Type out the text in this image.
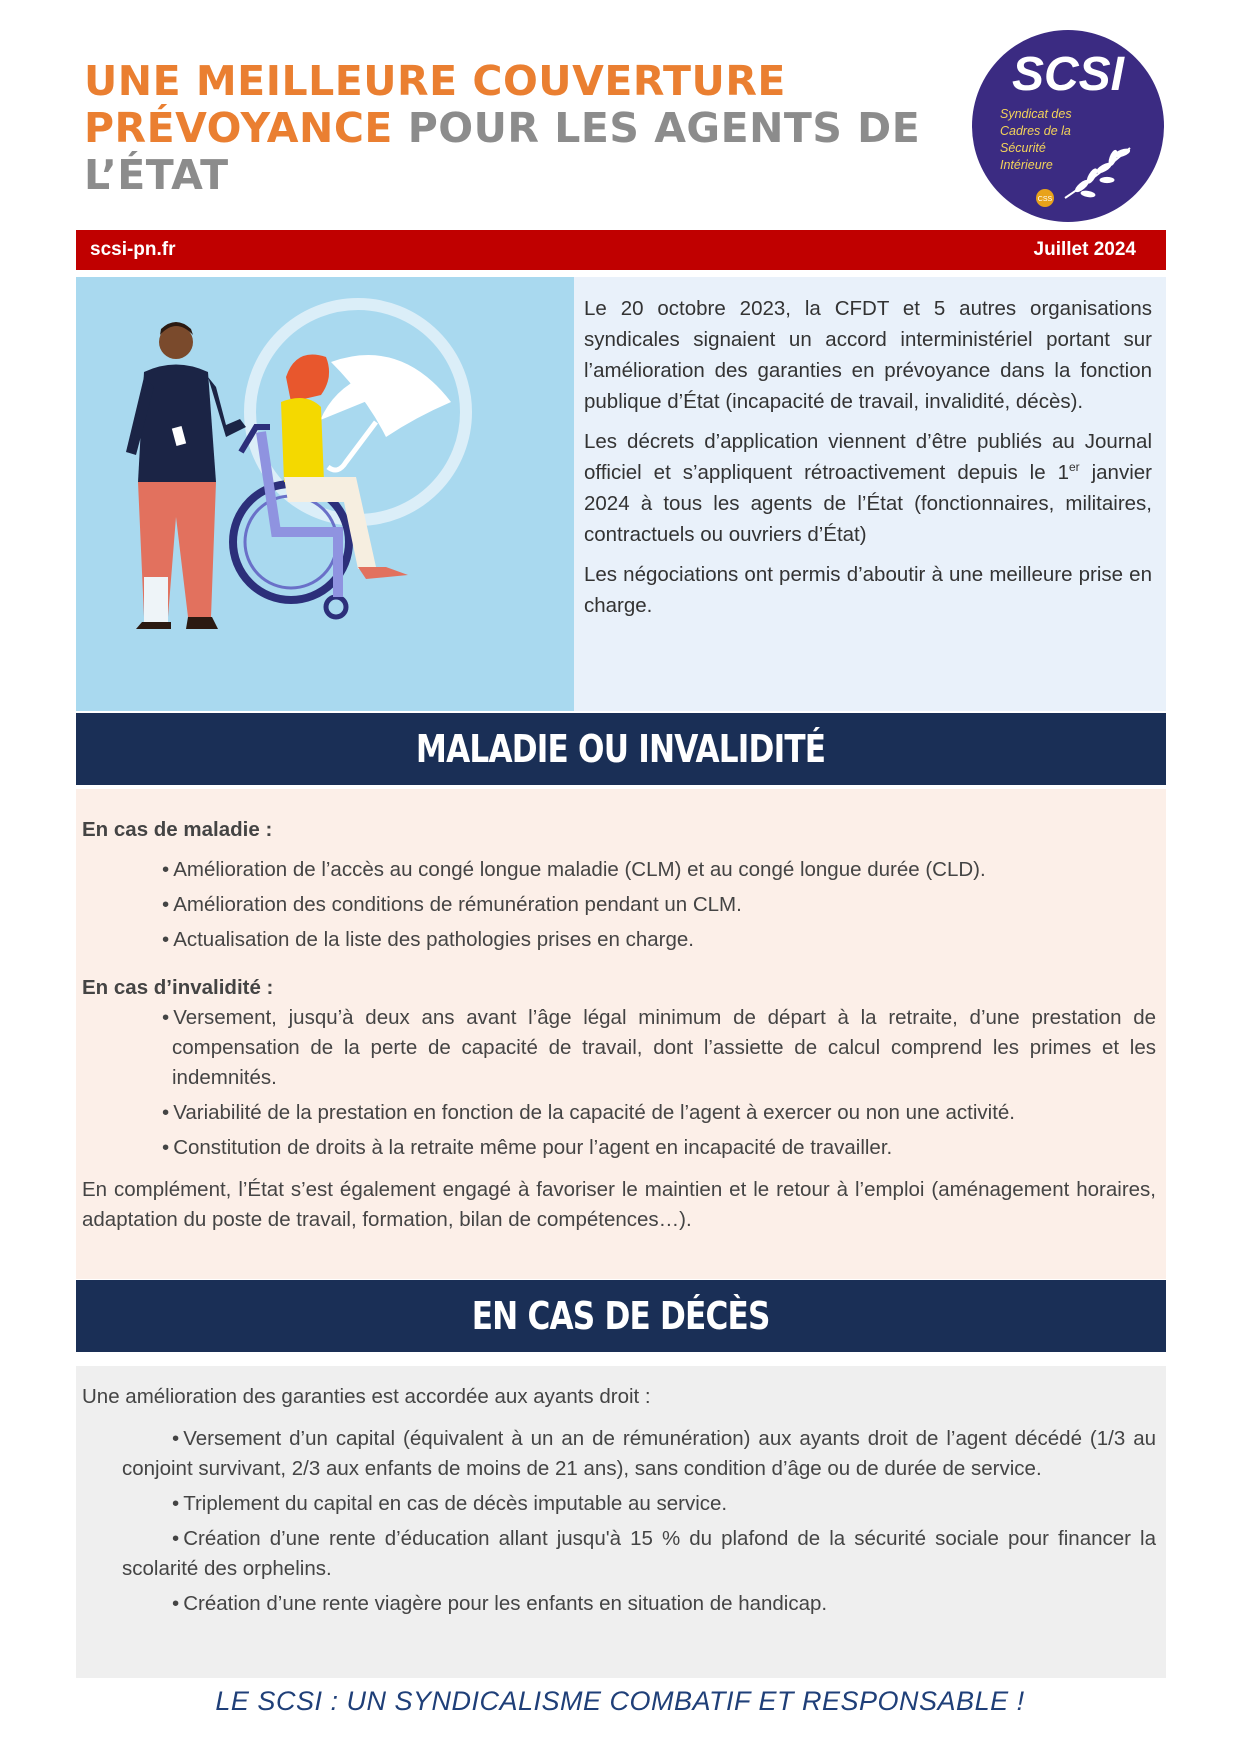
UNE MEILLEURE COUVERTURE
PRÉVOYANCE POUR LES AGENTS DE
L’ÉTAT
SCSI
Syndicat des
Cadres de la
Sécurité
Intérieure
CSS
scsi-pn.fr	Juillet 2024

Le 20 octobre 2023, la CFDT et 5 autres organisations syndicales signaient un accord interministériel portant sur l’amélioration des garanties en prévoyance dans la fonction publique d’État (incapacité de travail, invalidité, décès).

Les décrets d’application viennent d’être publiés au Journal officiel et s’appliquent rétroactivement depuis le 1er janvier 2024 à tous les agents de l’État (fonctionnaires, militaires, contractuels ou ouvriers d’État)

Les négociations ont permis d’aboutir à une meilleure prise en charge.

MALADIE OU INVALIDITÉ

En cas de maladie :

• Amélioration de l’accès au congé longue maladie (CLM) et au congé longue durée (CLD).
• Amélioration des conditions de rémunération pendant un CLM.
• Actualisation de la liste des pathologies prises en charge.

En cas d’invalidité :

• Versement, jusqu’à deux ans avant l’âge légal minimum de départ à la retraite, d’une prestation de compensation de la perte de capacité de travail, dont l’assiette de calcul comprend les primes et les indemnités.
• Variabilité de la prestation en fonction de la capacité de l’agent à exercer ou non une activité.
• Constitution de droits à la retraite même pour l’agent en incapacité de travailler.

En complément, l’État s’est également engagé à favoriser le maintien et le retour à l’emploi (aménagement horaires, adaptation du poste de travail, formation, bilan de compétences…).

EN CAS DE DÉCÈS

Une amélioration des garanties est accordée aux ayants droit :

• Versement d’un capital (équivalent à un an de rémunération) aux ayants droit de l’agent décédé (1/3 au conjoint survivant, 2/3 aux enfants de moins de 21 ans), sans condition d’âge ou de durée de service.
• Triplement du capital en cas de décès imputable au service.
• Création d’une rente d’éducation allant jusqu'à 15 % du plafond de la sécurité sociale pour financer la scolarité des orphelins.
• Création d’une rente viagère pour les enfants en situation de handicap.
LE SCSI : UN SYNDICALISME COMBATIF ET RESPONSABLE !
